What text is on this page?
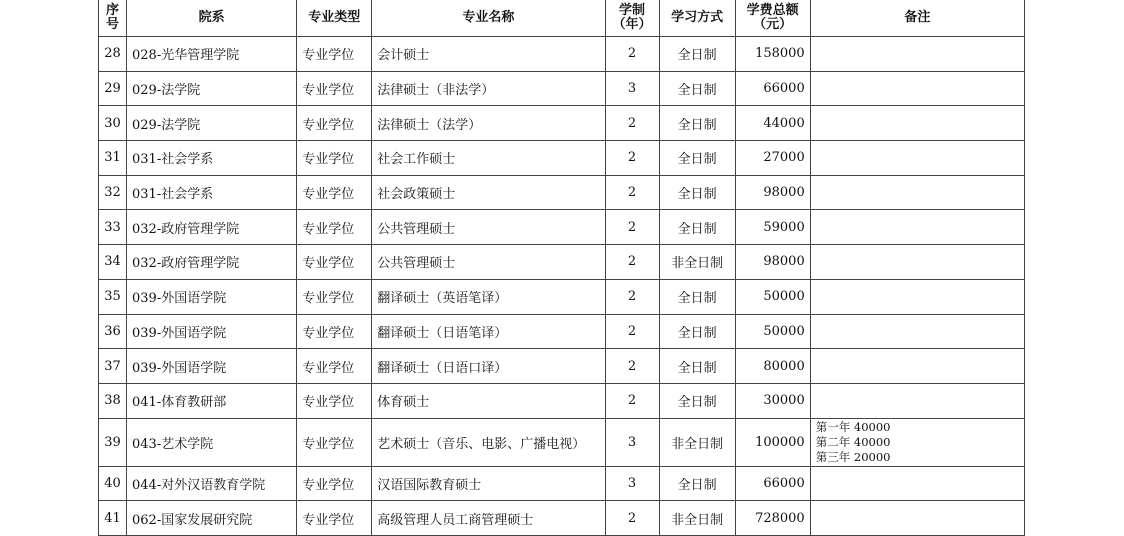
序号	院系	专业类型	专业名称	学制（年）	学习方式	学费总额（元）	备注
28	028-光华管理学院	专业学位	会计硕士	2	全日制	158000	
29	029-法学院	专业学位	法律硕士（非法学）	3	全日制	66000	
30	029-法学院	专业学位	法律硕士（法学）	2	全日制	44000	
31	031-社会学系	专业学位	社会工作硕士	2	全日制	27000	
32	031-社会学系	专业学位	社会政策硕士	2	全日制	98000	
33	032-政府管理学院	专业学位	公共管理硕士	2	全日制	59000	
34	032-政府管理学院	专业学位	公共管理硕士	2	非全日制	98000	
35	039-外国语学院	专业学位	翻译硕士（英语笔译）	2	全日制	50000	
36	039-外国语学院	专业学位	翻译硕士（日语笔译）	2	全日制	50000	
37	039-外国语学院	专业学位	翻译硕士（日语口译）	2	全日制	80000	
38	041-体育教研部	专业学位	体育硕士	2	全日制	30000	
39	043-艺术学院	专业学位	艺术硕士（音乐、电影、广播电视）	3	非全日制	100000	第一年 40000
第二年 40000
第三年 20000

40	044-对外汉语教育学院	专业学位	汉语国际教育硕士	3	全日制	66000	
41	062-国家发展研究院	专业学位	高级管理人员工商管理硕士	2	非全日制	728000	
